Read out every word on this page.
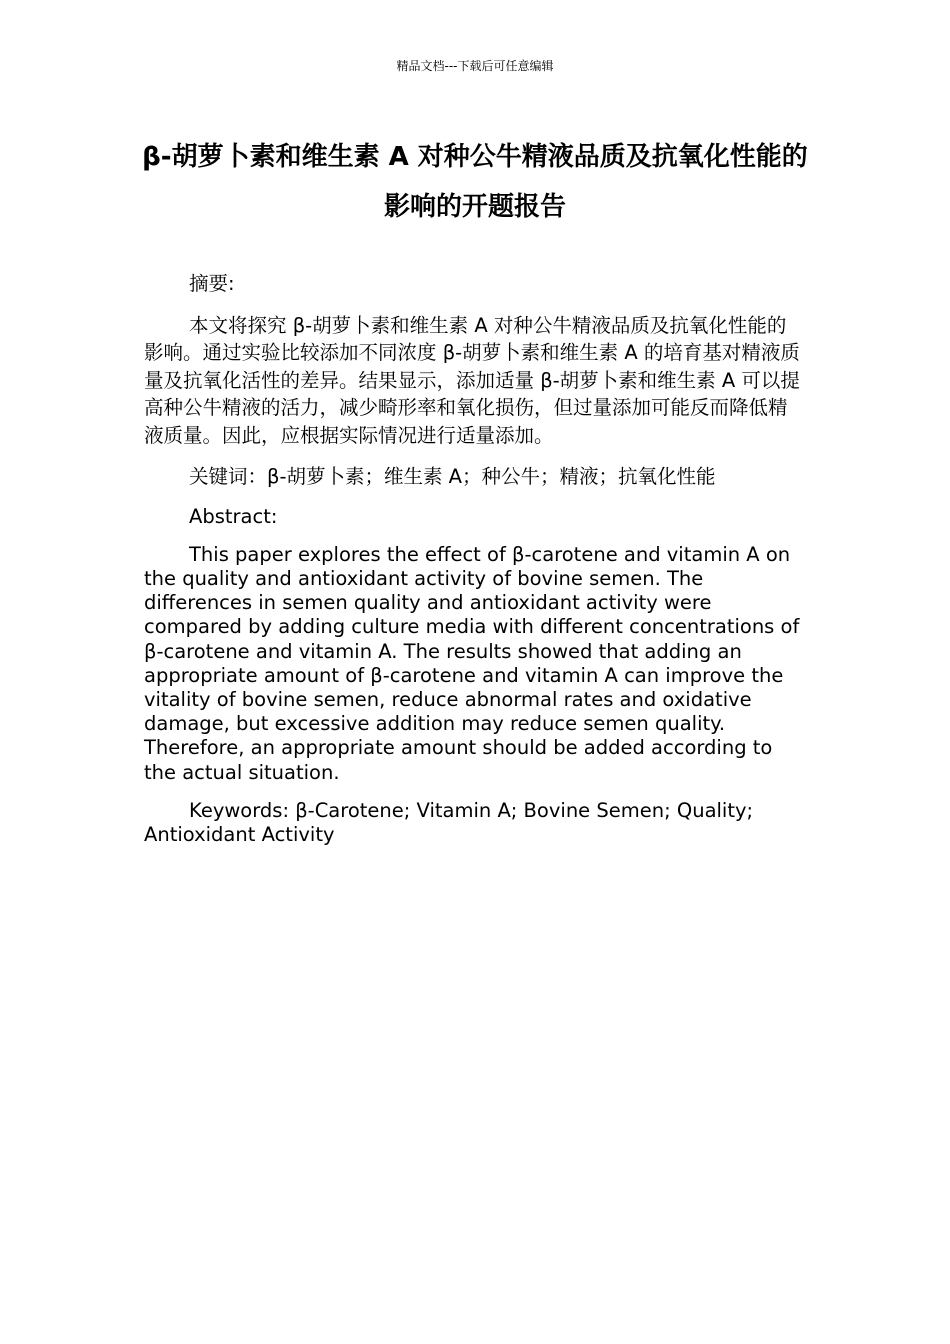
精品文档---下载后可任意编辑
β-胡萝卜素和维生素 A 对种公牛精液品质及抗氧化性能的影响的开题报告

摘要:

本文将探究 β-胡萝卜素和维生素 A 对种公牛精液品质及抗氧化性能的影响。通过实验比较添加不同浓度 β-胡萝卜素和维生素 A 的培育基对精液质量及抗氧化活性的差异。结果显示，添加适量 β-胡萝卜素和维生素 A 可以提高种公牛精液的活力，减少畸形率和氧化损伤，但过量添加可能反而降低精液质量。因此，应根据实际情况进行适量添加。

关键词：β-胡萝卜素；维生素 A；种公牛；精液；抗氧化性能

Abstract:

This paper explores the effect of β-carotene and vitamin A on the quality and antioxidant activity of bovine semen. The differences in semen quality and antioxidant activity were compared by adding culture media with different concentrations of β-carotene and vitamin A. The results showed that adding an appropriate amount of β-carotene and vitamin A can improve the vitality of bovine semen, reduce abnormal rates and oxidative damage, but excessive addition may reduce semen quality. Therefore, an appropriate amount should be added according to the actual situation.

Keywords: β-Carotene; Vitamin A; Bovine Semen; Quality; Antioxidant Activity
